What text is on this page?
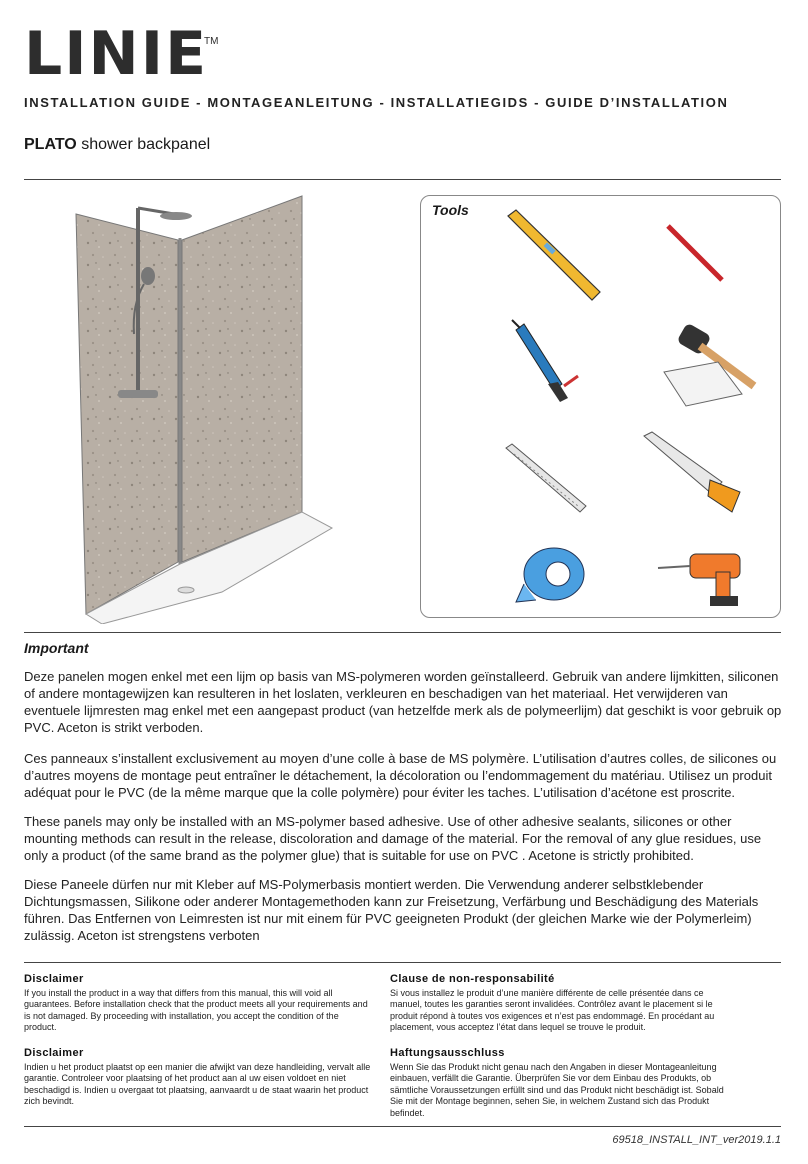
LINIE
TM
INSTALLATION GUIDE - MONTAGEANLEITUNG - INSTALLATIEGIDS - GUIDE D’INSTALLATION
PLATO shower backpanel
Tools
Important

Deze panelen mogen enkel met een lijm op basis van MS-polymeren worden geïnstalleerd. Gebruik van andere lijmkitten, siliconen of andere montagewijzen kan resulteren in het loslaten, verkleuren en beschadigen van het materiaal. Het verwijderen van eventuele lijmresten mag enkel met een aangepast product (van hetzelfde merk als de polymeerlijm) dat geschikt is voor gebruik op PVC. Aceton is strikt verboden.

Ces panneaux s’installent exclusivement au moyen d’une colle à base de MS polymère. L’utilisation d’autres colles, de silicones ou d’autres moyens de montage peut entraîner le détachement, la décoloration ou l’endommagement du matériau. Utilisez un produit adéquat pour le PVC (de la même marque que la colle polymère) pour éviter les taches. L’utilisation d’acétone est proscrite.

These panels may only be installed with an MS-polymer based adhesive. Use of other adhesive sealants, silicones or other mounting methods can result in the release, discoloration and damage of the material. For the removal of any glue residues, use only a product (of the same brand as the polymer glue) that is suitable for use on PVC . Acetone is strictly prohibited.

Diese Paneele dürfen nur mit Kleber auf MS-Polymerbasis montiert werden. Die Verwendung anderer selbstklebender Dichtungsmassen, Silikone oder anderer Montagemethoden kann zur Freisetzung, Verfärbung und Beschädigung des Materials führen. Das Entfernen von Leimresten ist nur mit einem für PVC geeigneten Produkt (der gleichen Marke wie der Polymerleim) zulässig. Aceton ist strengstens verboten

Disclaimer

If you install the product in a way that differs from this manual, this will void all guarantees. Before installation check that the product meets all your requirements and is not damaged. By proceeding with installation, you accept the condition of the product.

Clause de non-responsabilité

Si vous installez le produit d’une manière différente de celle présentée dans ce manuel, toutes les garanties seront invalidées. Contrôlez avant le placement si le produit répond à toutes vos exigences et n’est pas endommagé. En procédant au placement, vous acceptez l’état dans lequel se trouve le produit.

Disclaimer

Indien u het product plaatst op een manier die afwijkt van deze handleiding, vervalt alle garantie. Controleer voor plaatsing of het product aan al uw eisen voldoet en niet beschadigd is. Indien u overgaat tot plaatsing, aanvaardt u de staat waarin het product zich bevindt.

Haftungsausschluss

Wenn Sie das Produkt nicht genau nach den Angaben in dieser Montageanleitung einbauen, verfällt die Garantie. Überprüfen Sie vor dem Einbau des Produkts, ob sämtliche Voraussetzungen erfüllt sind und das Produkt nicht beschädigt ist. Sobald Sie mit der Montage beginnen, sehen Sie, in welchem Zustand sich das Produkt befindet.

69518_INSTALL_INT_ver2019.1.1
